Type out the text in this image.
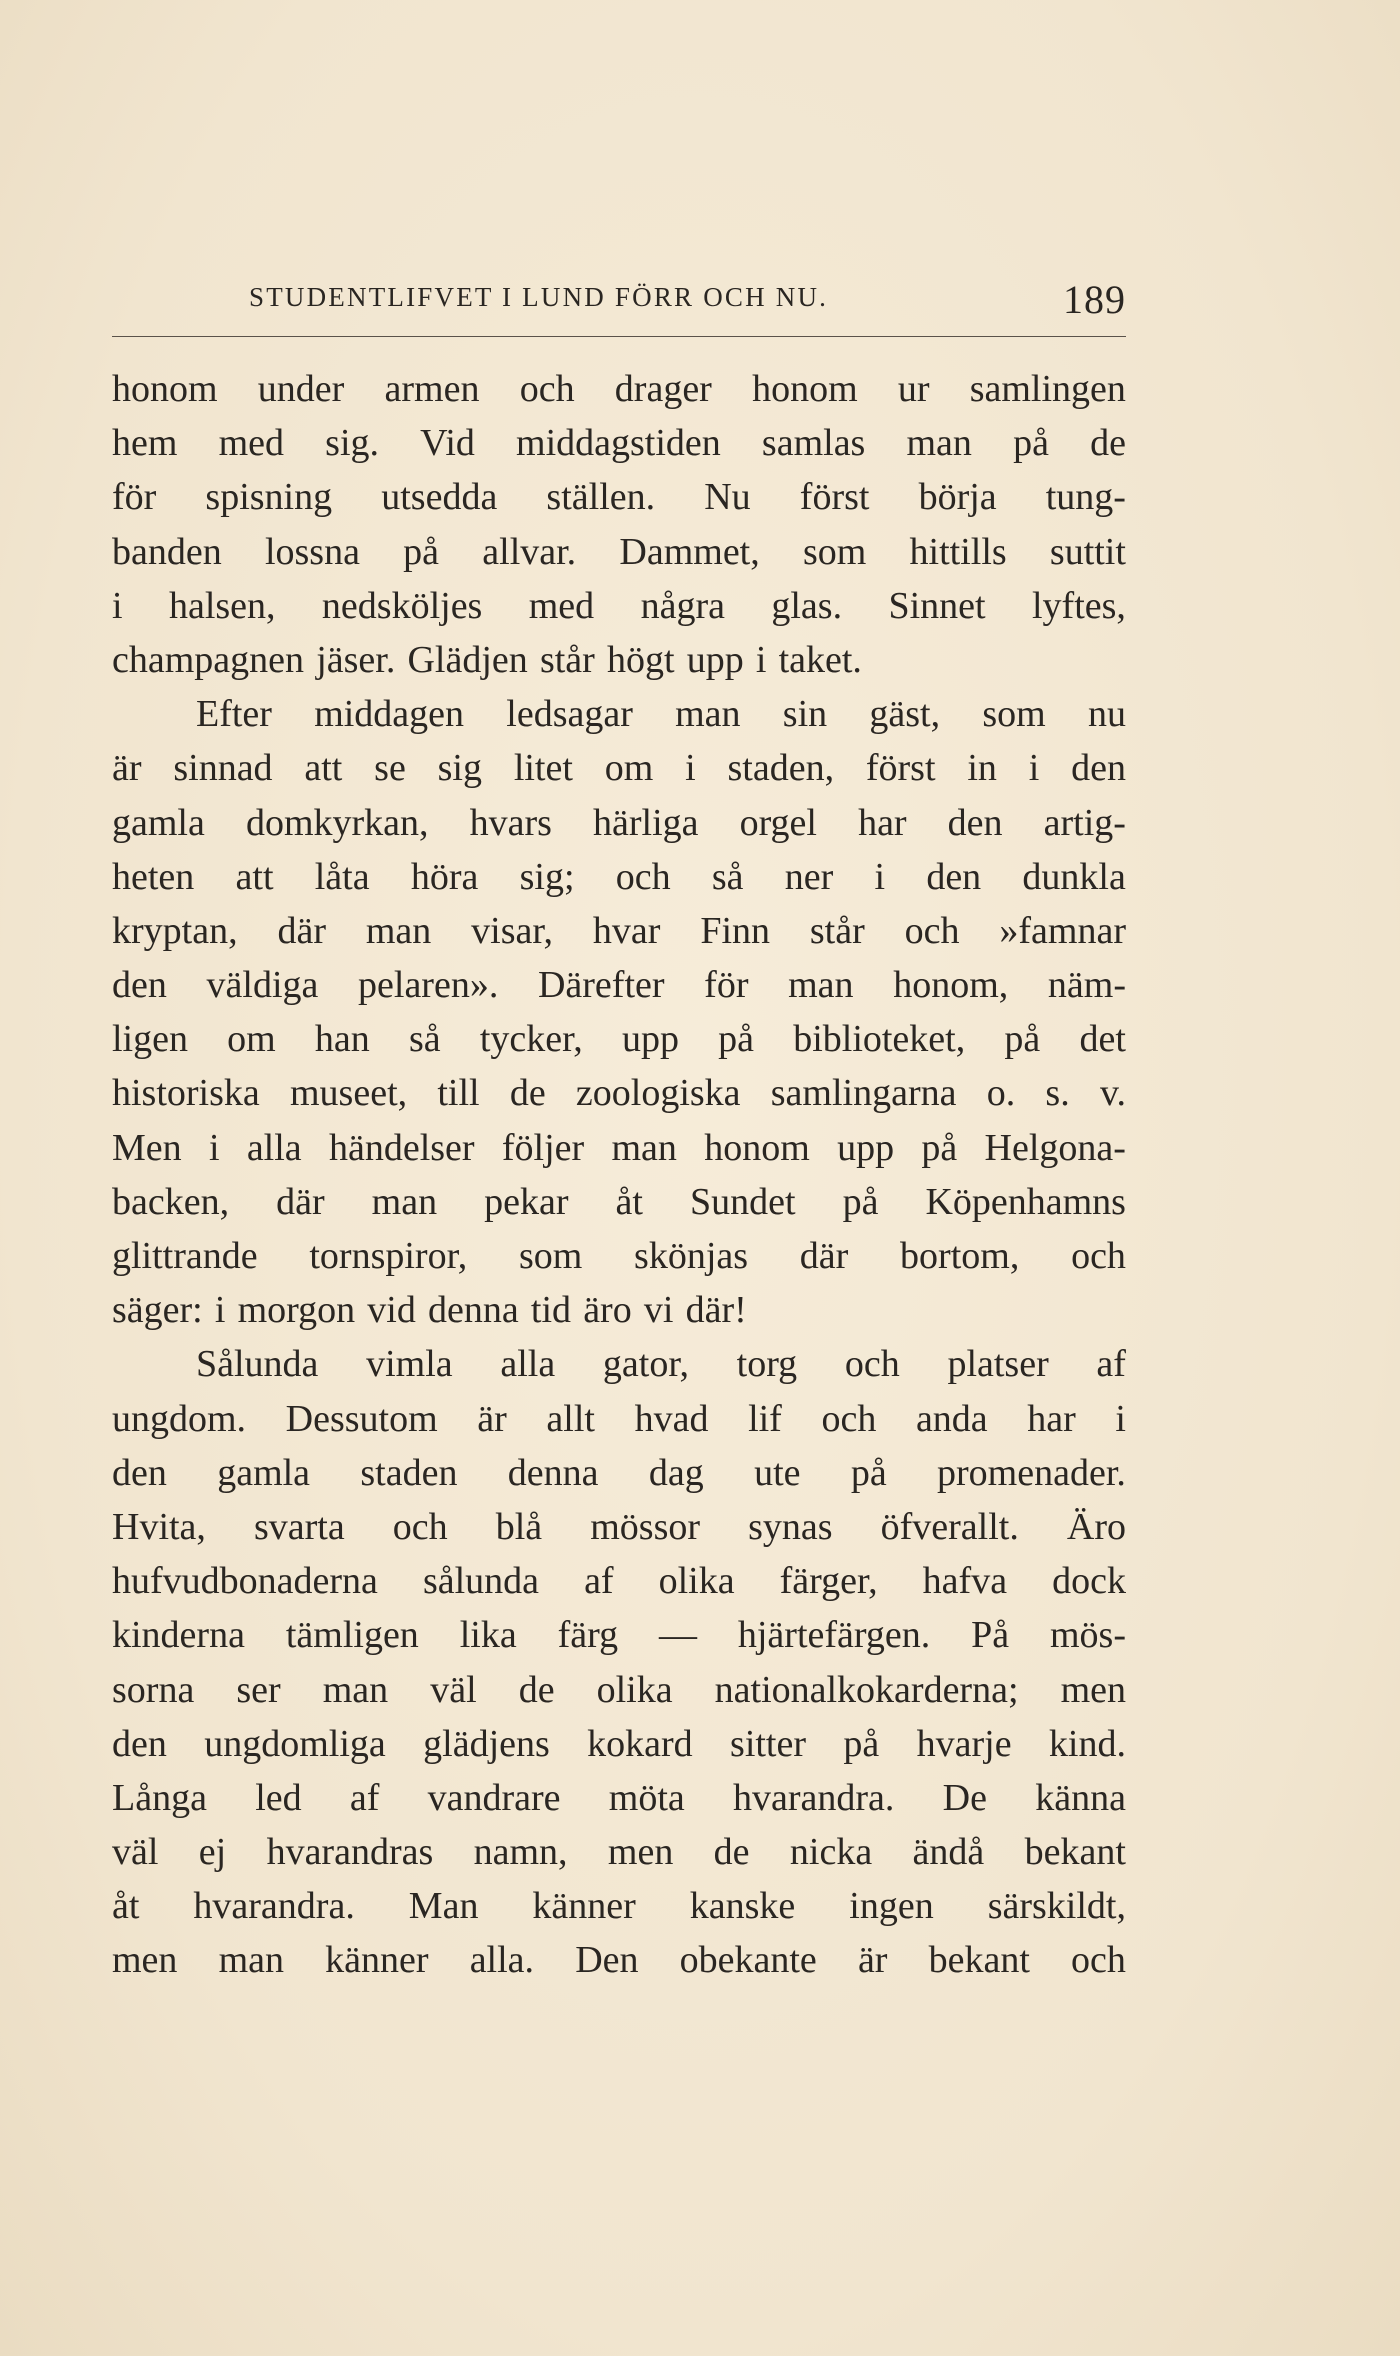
STUDENTLIFVET I LUND FÖRR OCH NU.	189
honom under armen och drager honom ur samlingen
hem med sig. Vid middagstiden samlas man på de
för spisning utsedda ställen. Nu först börja tung-
banden lossna på allvar. Dammet, som hittills suttit
i halsen, nedsköljes med några glas. Sinnet lyftes,
champagnen jäser. Glädjen står högt upp i taket.
Efter middagen ledsagar man sin gäst, som nu
är sinnad att se sig litet om i staden, först in i den
gamla domkyrkan, hvars härliga orgel har den artig-
heten att låta höra sig; och så ner i den dunkla
kryptan, där man visar, hvar Finn står och »famnar
den väldiga pelaren». Därefter för man honom, näm-
ligen om han så tycker, upp på biblioteket, på det
historiska museet, till de zoologiska samlingarna o. s. v.
Men i alla händelser följer man honom upp på Helgona-
backen, där man pekar åt Sundet på Köpenhamns
glittrande tornspiror, som skönjas där bortom, och
säger: i morgon vid denna tid äro vi där!
Sålunda vimla alla gator, torg och platser af
ungdom. Dessutom är allt hvad lif och anda har i
den gamla staden denna dag ute på promenader.
Hvita, svarta och blå mössor synas öfverallt. Äro
hufvudbonaderna sålunda af olika färger, hafva dock
kinderna tämligen lika färg — hjärtefärgen. På mös-
sorna ser man väl de olika nationalkokarderna; men
den ungdomliga glädjens kokard sitter på hvarje kind.
Långa led af vandrare möta hvarandra. De känna
väl ej hvarandras namn, men de nicka ändå bekant
åt hvarandra. Man känner kanske ingen särskildt,
men man känner alla. Den obekante är bekant och
